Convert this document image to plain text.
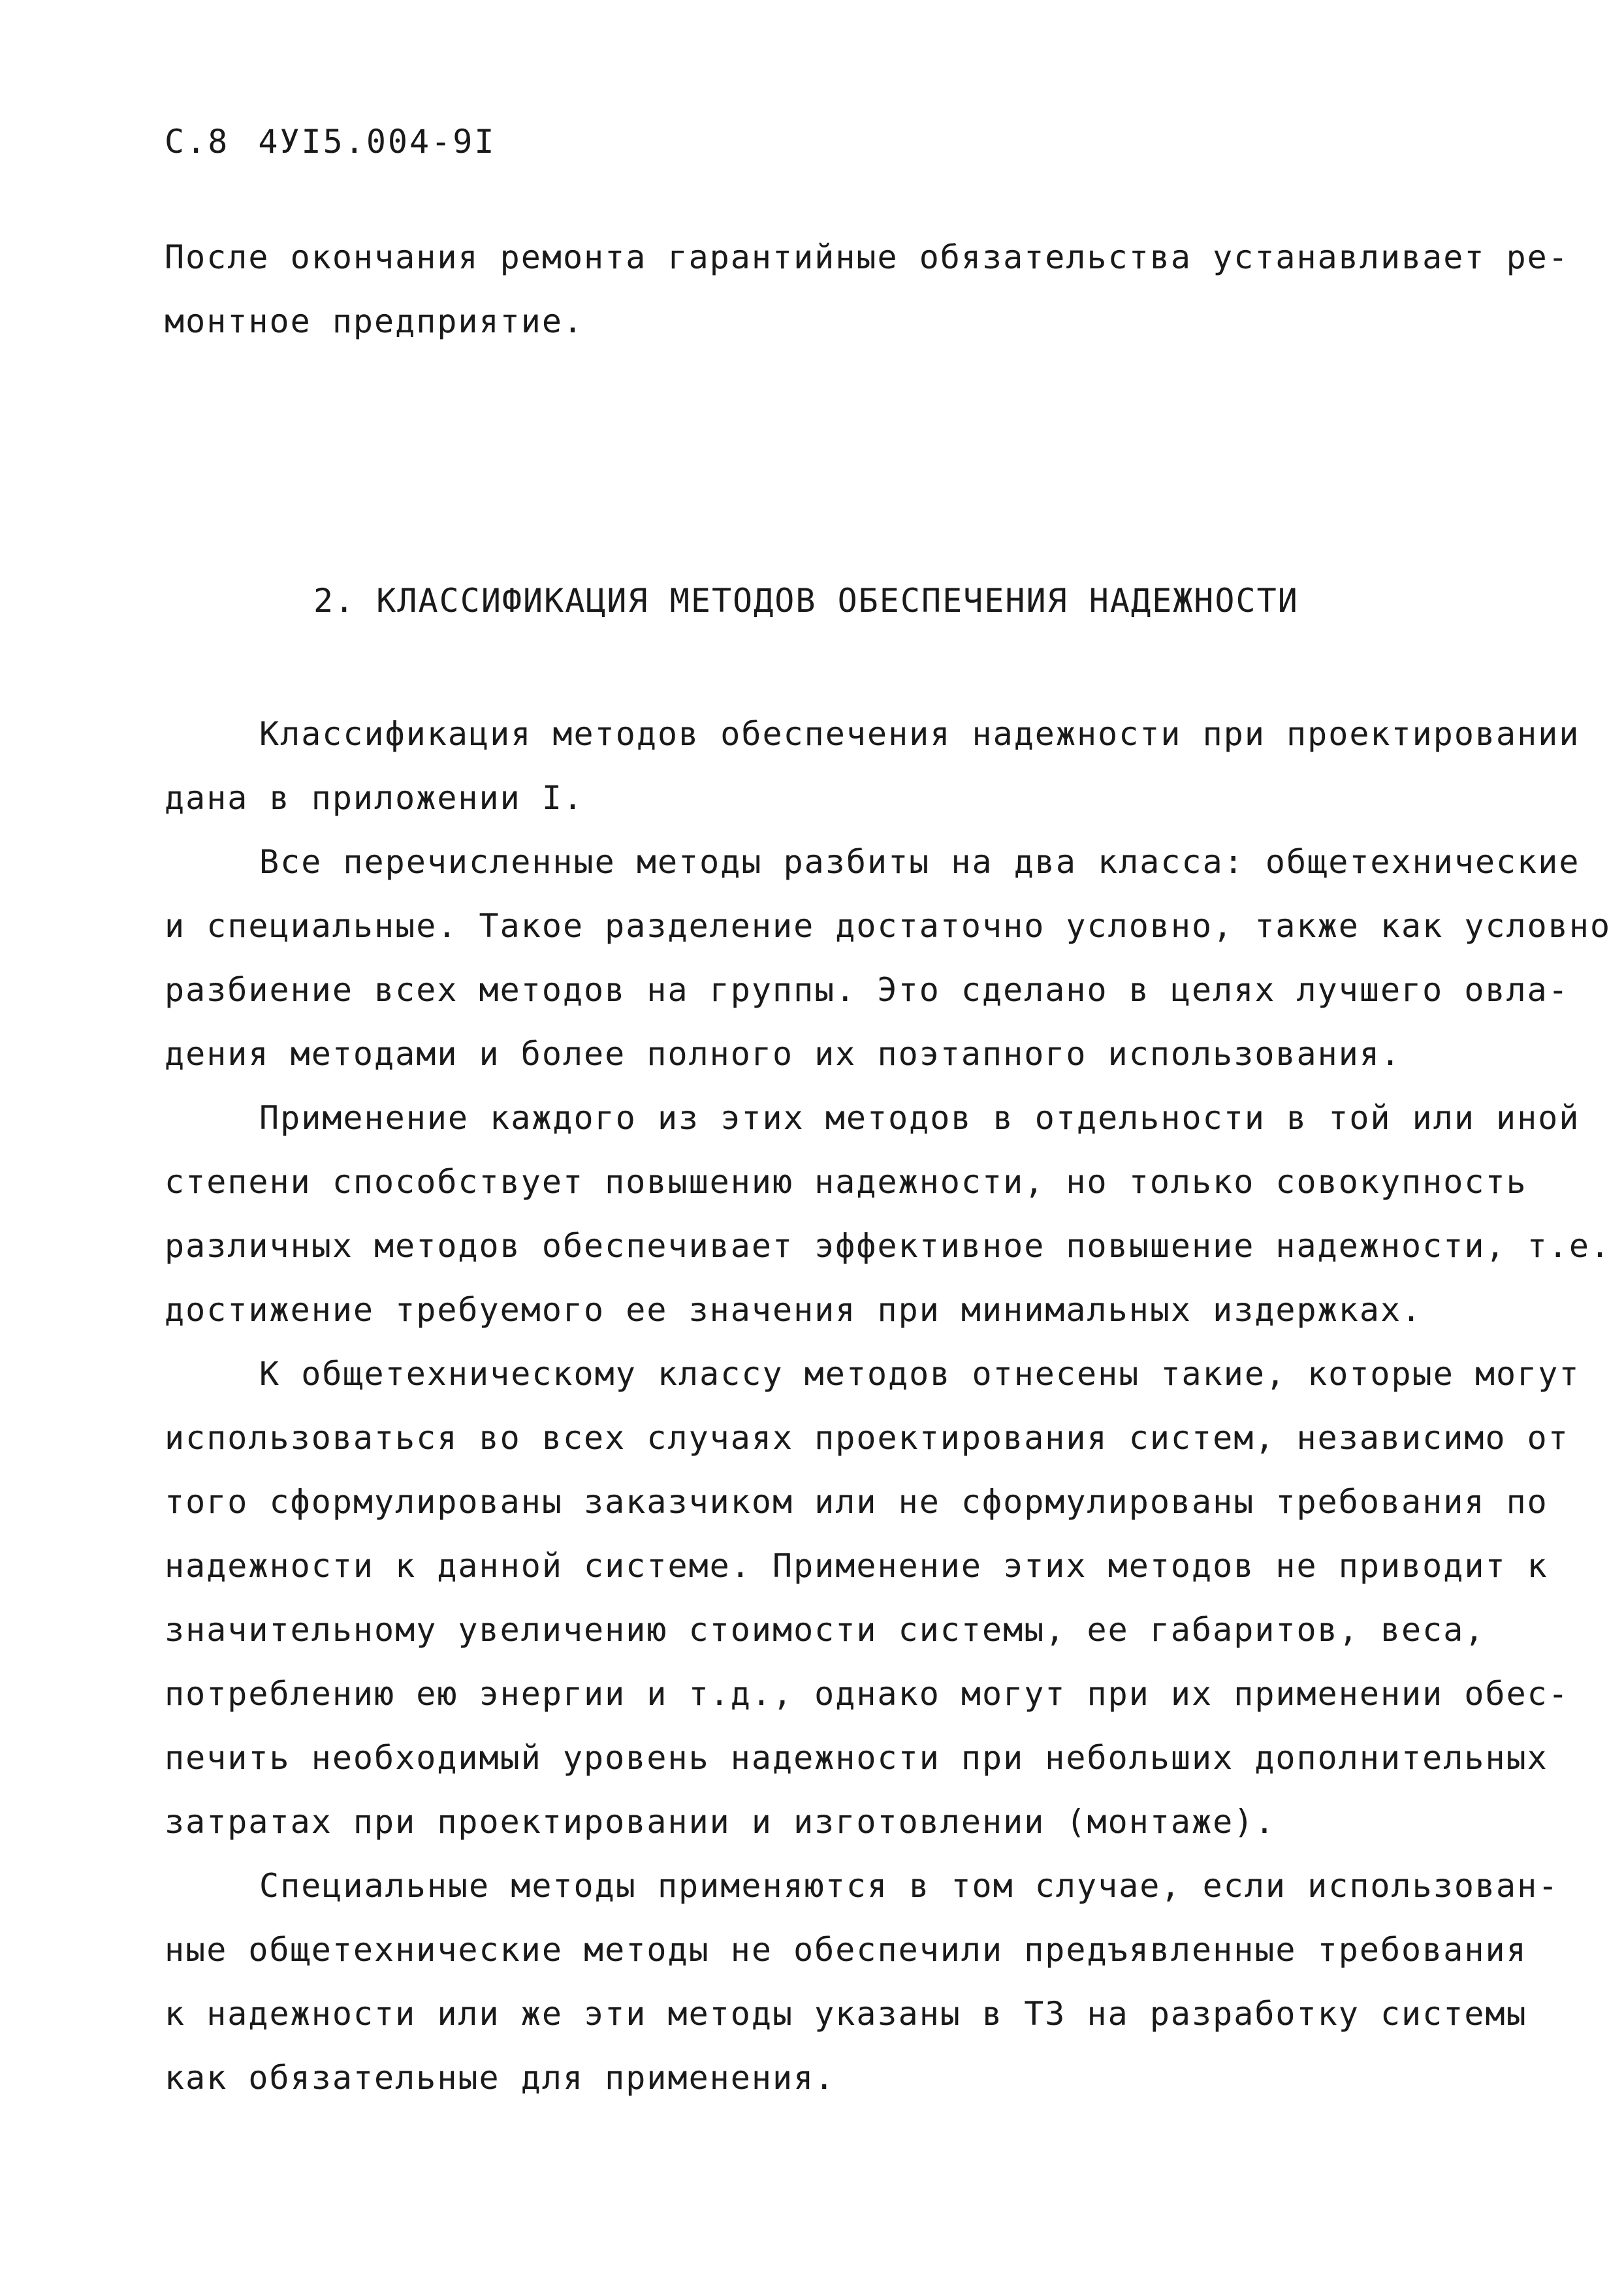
С.8 4УI5.004-9I

После окончания ремонта гарантийные обязательства устанавливает ре-
монтное предприятие.

2. КЛАССИФИКАЦИЯ МЕТОДОВ ОБЕСПЕЧЕНИЯ НАДЕЖНОСТИ

Классификация методов обеспечения надежности при проектировании
дана в приложении I.

Все перечисленные методы разбиты на два класса: общетехнические
и специальные. Такое разделение достаточно условно, также как условно
разбиение всех методов на группы. Это сделано в целях лучшего овла-
дения методами и более полного их поэтапного использования.

Применение каждого из этих методов в отдельности в той или иной
степени способствует повышению надежности, но только совокупность
различных методов обеспечивает эффективное повышение надежности, т.е.
достижение требуемого ее значения при минимальных издержках.

К общетехническому классу методов отнесены такие, которые могут
использоваться во всех случаях проектирования систем, независимо от
того сформулированы заказчиком или не сформулированы требования по
надежности к данной системе. Применение этих методов не приводит к
значительному увеличению стоимости системы, ее габаритов, веса,
потреблению ею энергии и т.д., однако могут при их применении обес-
печить необходимый уровень надежности при небольших дополнительных
затратах при проектировании и изготовлении (монтаже).

Специальные методы применяются в том случае, если использован-
ные общетехнические методы не обеспечили предъявленные требования
к надежности или же эти методы указаны в ТЗ на разработку системы
как обязательные для применения.
